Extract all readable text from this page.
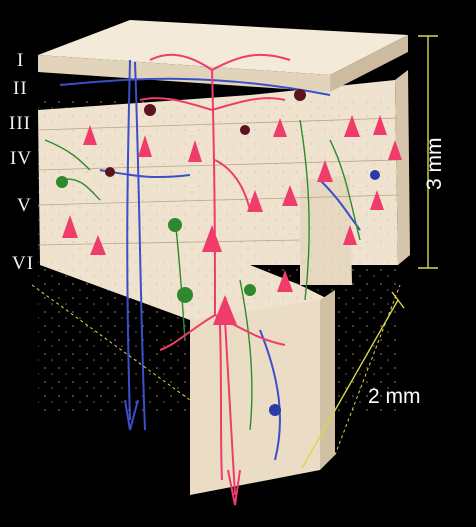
I
II
III
IV
V
VI
3 mm
2 mm
